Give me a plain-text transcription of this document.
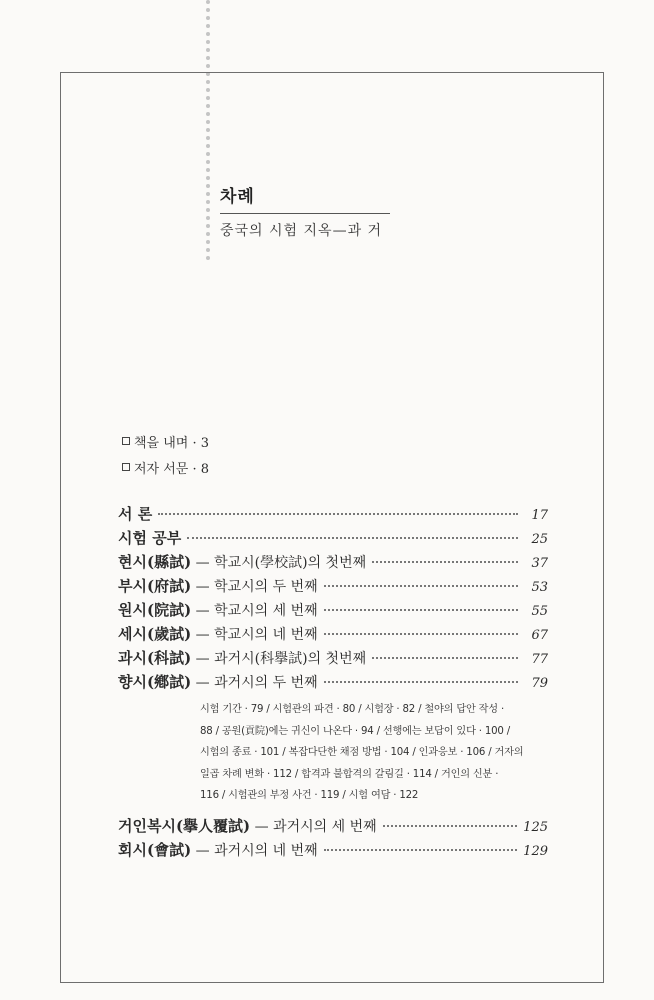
차례
중국의 시험 지옥—과 거
책을 내며 · 3
저자 서문 · 8
서 론	17
시험 공부	25
현시(縣試) — 학교시(學校試)의 첫번째	37
부시(府試) — 학교시의 두 번째	53
원시(院試) — 학교시의 세 번째	55
세시(歲試) — 학교시의 네 번째	67
과시(科試) — 과거시(科擧試)의 첫번째	77
향시(鄕試) — 과거시의 두 번째	79
시험 기간 · 79 / 시험관의 파견 · 80 / 시험장 · 82 / 철야의 답안 작성 ·
88 / 공원(貢院)에는 귀신이 나온다 · 94 / 선행에는 보답이 있다 · 100 /
시험의 종료 · 101 / 복잡다단한 채점 방법 · 104 / 인과응보 · 106 / 거자의
일곱 차례 변화 · 112 / 합격과 불합격의 갈림길 · 114 / 거인의 신분 ·
116 / 시험관의 부정 사건 · 119 / 시험 여담 · 122
거인복시(擧人覆試) — 과거시의 세 번째	125
회시(會試) — 과거시의 네 번째	129
